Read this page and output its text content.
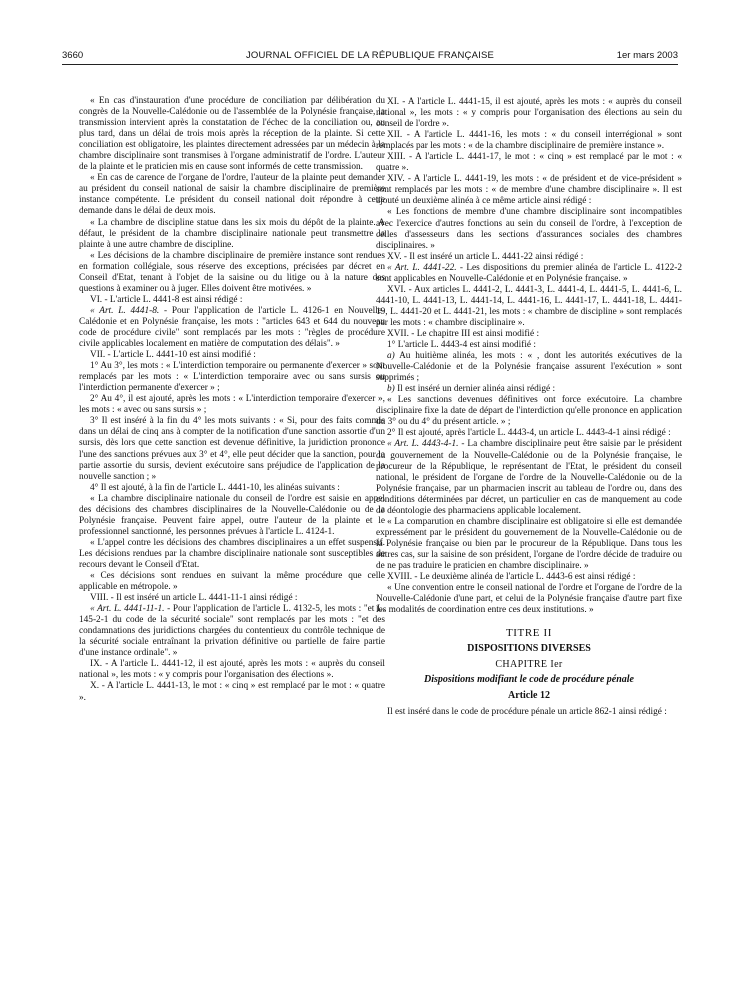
3660	JOURNAL OFFICIEL DE LA RÉPUBLIQUE FRANÇAISE	1er mars 2003

« En cas d'instauration d'une procédure de conciliation par délibération du congrès de la Nouvelle-Calédonie ou de l'assemblée de la Polynésie française, la transmission intervient après la constatation de l'échec de la conciliation ou, au plus tard, dans un délai de trois mois après la réception de la plainte. Si cette conciliation est obligatoire, les plaintes directement adressées par un médecin à la chambre disciplinaire sont transmises à l'organe administratif de l'ordre. L'auteur de la plainte et le praticien mis en cause sont informés de cette transmission.

« En cas de carence de l'organe de l'ordre, l'auteur de la plainte peut demander au président du conseil national de saisir la chambre disciplinaire de première instance compétente. Le président du conseil national doit répondre à cette demande dans le délai de deux mois.

« La chambre de discipline statue dans les six mois du dépôt de la plainte. A défaut, le président de la chambre disciplinaire nationale peut transmettre la plainte à une autre chambre de discipline.

« Les décisions de la chambre disciplinaire de première instance sont rendues en formation collégiale, sous réserve des exceptions, précisées par décret en Conseil d'Etat, tenant à l'objet de la saisine ou du litige ou à la nature des questions à examiner ou à juger. Elles doivent être motivées. »

VI. - L'article L. 4441-8 est ainsi rédigé :

« Art. L. 4441-8. - Pour l'application de l'article L. 4126-1 en Nouvelle-Calédonie et en Polynésie française, les mots : "articles 643 et 644 du nouveau code de procédure civile" sont remplacés par les mots : "règles de procédure civile applicables localement en matière de computation des délais". »

VII. - L'article L. 4441-10 est ainsi modifié :

1° Au 3°, les mots : « L'interdiction temporaire ou permanente d'exercer » sont remplacés par les mots : « L'interdiction temporaire avec ou sans sursis ou l'interdiction permanente d'exercer » ;

2° Au 4°, il est ajouté, après les mots : « L'interdiction temporaire d'exercer », les mots : « avec ou sans sursis » ;

3° Il est inséré à la fin du 4° les mots suivants : « Si, pour des faits commis dans un délai de cinq ans à compter de la notification d'une sanction assortie d'un sursis, dès lors que cette sanction est devenue définitive, la juridiction prononce l'une des sanctions prévues aux 3° et 4°, elle peut décider que la sanction, pour la partie assortie du sursis, devient exécutoire sans préjudice de l'application de la nouvelle sanction ; »

4° Il est ajouté, à la fin de l'article L. 4441-10, les alinéas suivants :

« La chambre disciplinaire nationale du conseil de l'ordre est saisie en appel des décisions des chambres disciplinaires de la Nouvelle-Calédonie ou de la Polynésie française. Peuvent faire appel, outre l'auteur de la plainte et le professionnel sanctionné, les personnes prévues à l'article L. 4124-1.

« L'appel contre les décisions des chambres disciplinaires a un effet suspensif. Les décisions rendues par la chambre disciplinaire nationale sont susceptibles de recours devant le Conseil d'Etat.

« Ces décisions sont rendues en suivant la même procédure que celle applicable en métropole. »

VIII. - Il est inséré un article L. 4441-11-1 ainsi rédigé :

« Art. L. 4441-11-1. - Pour l'application de l'article L. 4132-5, les mots : "et L. 145-2-1 du code de la sécurité sociale" sont remplacés par les mots : "et des condamnations des juridictions chargées du contentieux du contrôle technique de la sécurité sociale entraînant la privation définitive ou partielle de faire partie d'une instance ordinale". »

IX. - A l'article L. 4441-12, il est ajouté, après les mots : « auprès du conseil national », les mots : « y compris pour l'organisation des élections ».

X. - A l'article L. 4441-13, le mot : « cinq » est remplacé par le mot : « quatre ».

XI. - A l'article L. 4441-15, il est ajouté, après les mots : « auprès du conseil national », les mots : « y compris pour l'organisation des élections au sein du conseil de l'ordre ».

XII. - A l'article L. 4441-16, les mots : « du conseil interrégional » sont remplacés par les mots : « de la chambre disciplinaire de première instance ».

XIII. - A l'article L. 4441-17, le mot : « cinq » est remplacé par le mot : « quatre ».

XIV. - A l'article L. 4441-19, les mots : « de président et de vice-président » sont remplacés par les mots : « de membre d'une chambre disciplinaire ». Il est ajouté un deuxième alinéa à ce même article ainsi rédigé :

« Les fonctions de membre d'une chambre disciplinaire sont incompatibles avec l'exercice d'autres fonctions au sein du conseil de l'ordre, à l'exception de celles d'assesseurs dans les sections d'assurances sociales des chambres disciplinaires. »

XV. - Il est inséré un article L. 4441-22 ainsi rédigé :

« Art. L. 4441-22. - Les dispositions du premier alinéa de l'article L. 4122-2 sont applicables en Nouvelle-Calédonie et en Polynésie française. »

XVI. - Aux articles L. 4441-2, L. 4441-3, L. 4441-4, L. 4441-5, L. 4441-6, L. 4441-10, L. 4441-13, L. 4441-14, L. 4441-16, L. 4441-17, L. 4441-18, L. 4441-19, L. 4441-20 et L. 4441-21, les mots : « chambre de discipline » sont remplacés par les mots : « chambre disciplinaire ».

XVII. - Le chapitre III est ainsi modifié :

1° L'article L. 4443-4 est ainsi modifié :

a) Au huitième alinéa, les mots : « , dont les autorités exécutives de la Nouvelle-Calédonie et de la Polynésie française assurent l'exécution » sont supprimés ;

b) Il est inséré un dernier alinéa ainsi rédigé :

« Les sanctions devenues définitives ont force exécutoire. La chambre disciplinaire fixe la date de départ de l'interdiction qu'elle prononce en application du 3° ou du 4° du présent article. » ;

2° Il est ajouté, après l'article L. 4443-4, un article L. 4443-4-1 ainsi rédigé :

« Art. L. 4443-4-1. - La chambre disciplinaire peut être saisie par le président du gouvernement de la Nouvelle-Calédonie ou de la Polynésie française, le procureur de la République, le représentant de l'Etat, le président du conseil national, le président de l'organe de l'ordre de la Nouvelle-Calédonie ou de la Polynésie française, par un pharmacien inscrit au tableau de l'ordre ou, dans des conditions déterminées par décret, un particulier en cas de manquement au code de déontologie des pharmaciens applicable localement.

« La comparution en chambre disciplinaire est obligatoire si elle est demandée expressément par le président du gouvernement de la Nouvelle-Calédonie ou de la Polynésie française ou bien par le procureur de la République. Dans tous les autres cas, sur la saisine de son président, l'organe de l'ordre décide de traduire ou de ne pas traduire le praticien en chambre disciplinaire. »

XVIII. - Le deuxième alinéa de l'article L. 4443-6 est ainsi rédigé :

« Une convention entre le conseil national de l'ordre et l'organe de l'ordre de la Nouvelle-Calédonie d'une part, et celui de la Polynésie française d'autre part fixe les modalités de coordination entre ces deux institutions. »

TITRE II

DISPOSITIONS DIVERSES

CHAPITRE Ier

Dispositions modifiant le code de procédure pénale

Article 12

Il est inséré dans le code de procédure pénale un article 862-1 ainsi rédigé :
